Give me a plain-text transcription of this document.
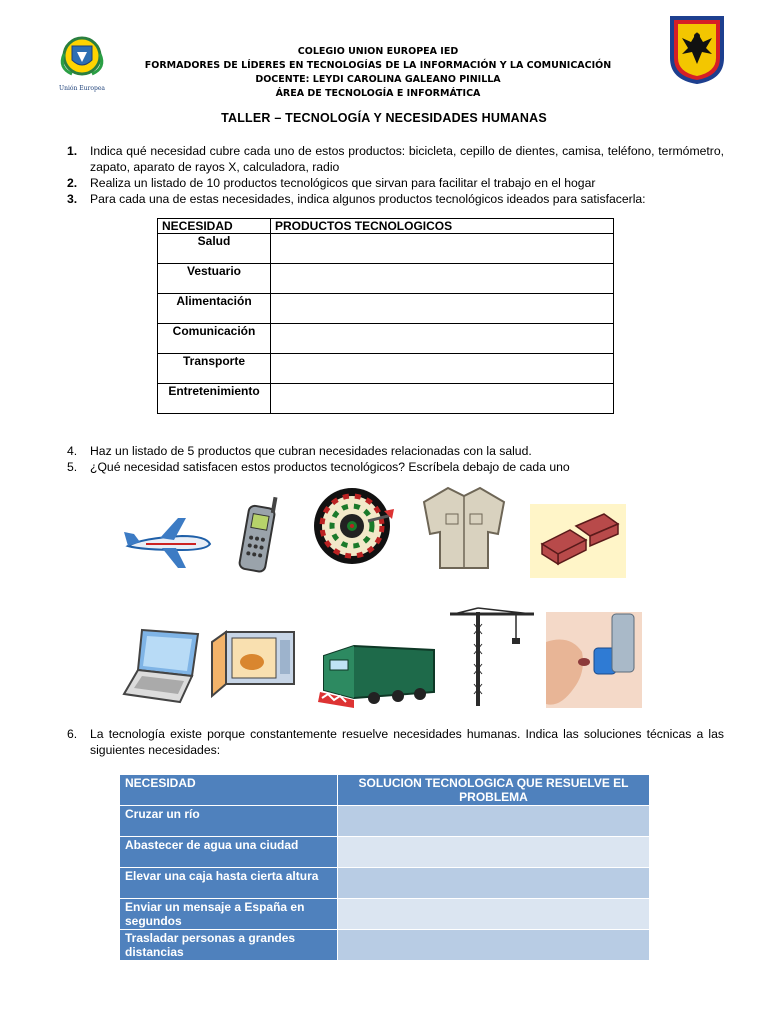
Unión Europea
COLEGIO UNION EUROPEA IED
FORMADORES DE LÍDERES EN TECNOLOGÍAS DE LA INFORMACIÓN Y LA COMUNICACIÓN
DOCENTE: LEYDI CAROLINA GALEANO PINILLA
ÁREA DE TECNOLOGÍA E INFORMÁTICA
TALLER – TECNOLOGÍA Y NECESIDADES HUMANAS
1. Indica qué necesidad cubre cada uno de estos productos: bicicleta, cepillo de dientes, camisa, teléfono, termómetro, zapato, aparato de rayos X, calculadora, radio
2. Realiza un listado de 10 productos tecnológicos que sirvan para facilitar el trabajo en el hogar
3. Para cada una de estas necesidades, indica algunos productos tecnológicos ideados para satisfacerla:
NECESIDAD	PRODUCTOS TECNOLOGICOS
Salud	
Vestuario	
Alimentación	
Comunicación	
Transporte	
Entretenimiento	
4. Haz un listado de 5 productos que cubran necesidades relacionadas con la salud.
5. ¿Qué necesidad satisfacen estos productos tecnológicos? Escríbela debajo de cada uno
6. La tecnología existe porque constantemente resuelve necesidades humanas. Indica las soluciones técnicas a las siguientes necesidades:
NECESIDAD	SOLUCION TECNOLOGICA QUE RESUELVE EL PROBLEMA
Cruzar un río	
Abastecer de agua una ciudad	
Elevar una caja hasta cierta altura	
Enviar un mensaje a España en segundos	
Trasladar personas a grandes distancias	
